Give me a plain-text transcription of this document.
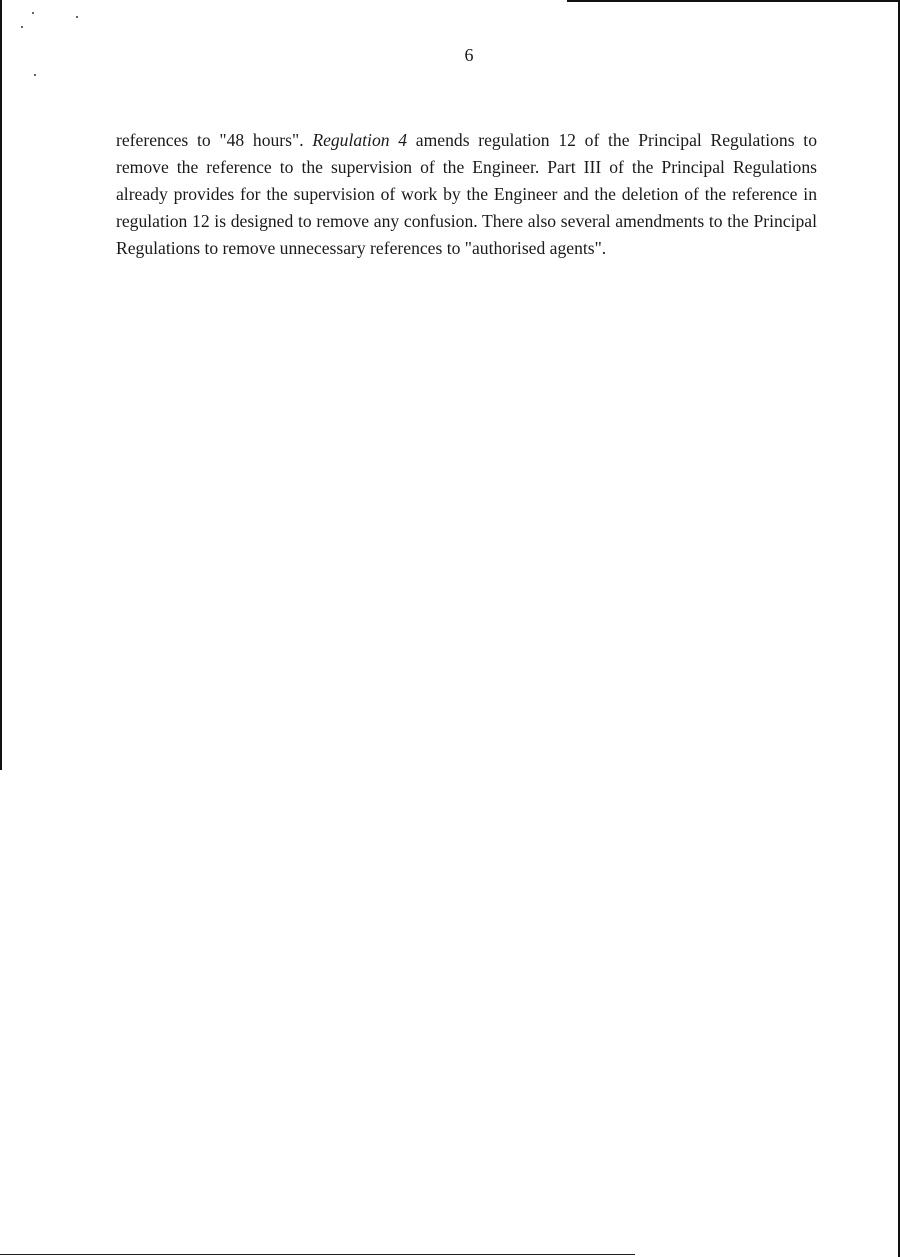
6

references to "48 hours". Regulation 4 amends regulation 12 of the Principal Regulations to remove the reference to the supervision of the Engineer. Part III of the Principal Regulations already provides for the supervision of work by the Engineer and the deletion of the reference in regulation 12 is designed to remove any confusion. There also several amendments to the Principal Regulations to remove unnecessary references to "authorised agents".
